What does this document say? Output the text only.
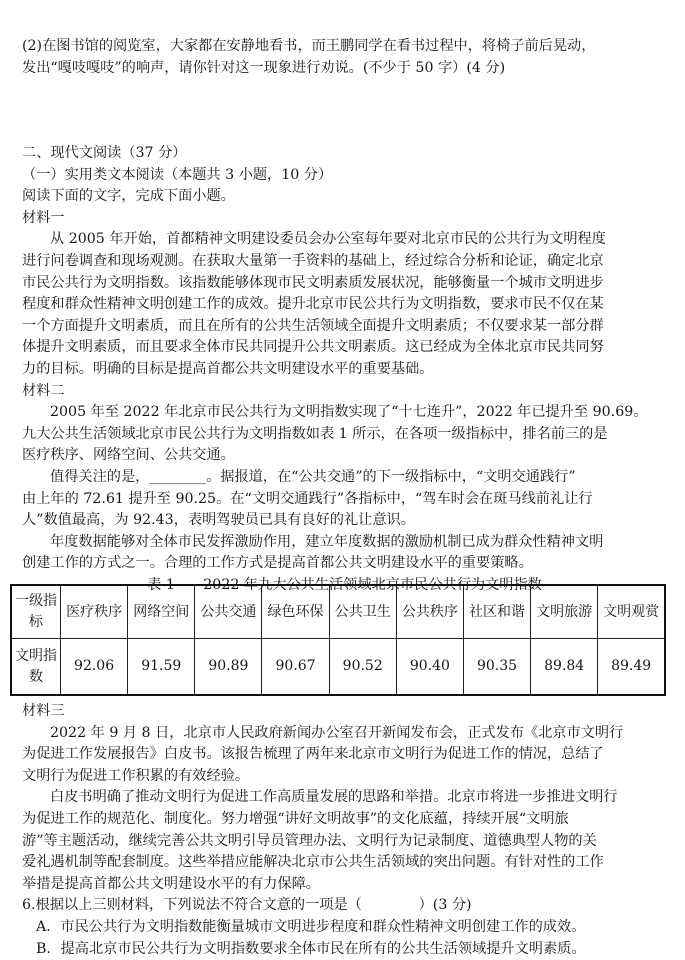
(2)在图书馆的阅览室，大家都在安静地看书，而王鹏同学在看书过程中，将椅子前后晃动，

发出“嘎吱嘎吱”的响声，请你针对这一现象进行劝说。(不少于 50 字）(4 分)

二、现代文阅读（37 分）

（一）实用类文本阅读（本题共 3 小题，10 分）

阅读下面的文字，完成下面小题。

材料一

从 2005 年开始，首都精神文明建设委员会办公室每年要对北京市民的公共行为文明程度

进行问卷调查和现场观测。在获取大量第一手资料的基础上，经过综合分析和论证，确定北京

市民公共行为文明指数。该指数能够体现市民文明素质发展状况，能够衡量一个城市文明进步

程度和群众性精神文明创建工作的成效。提升北京市民公共行为文明指数，要求市民不仅在某

一个方面提升文明素质，而且在所有的公共生活领域全面提升文明素质；不仅要求某一部分群

体提升文明素质，而且要求全体市民共同提升公共文明素质。这已经成为全体北京市民共同努

力的目标。明确的目标是提高首都公共文明建设水平的重要基础。

材料二

2005 年至 2022 年北京市民公共行为文明指数实现了“十七连升”，2022 年已提升至 90.69。

九大公共生活领域北京市民公共行为文明指数如表 1 所示，在各项一级指标中，排名前三的是

医疗秩序、网络空间、公共交通。

值得关注的是，________。据报道，在“公共交通”的下一级指标中，“文明交通践行”

由上年的 72.61 提升至 90.25。在“文明交通践行”各指标中，“驾车时会在斑马线前礼让行

人”数值最高，为 92.43，表明驾驶员已具有良好的礼让意识。

年度数据能够对全体市民发挥激励作用，建立年度数据的激励机制已成为群众性精神文明

创建工作的方式之一。合理的工作方式是提高首都公共文明建设水平的重要策略。

表 1　　2022 年九大公共生活领域北京市民公共行为文明指数

一级指标	医疗秩序	网络空间	公共交通	绿色环保	公共卫生	公共秩序	社区和谐	文明旅游	文明观赏
文明指数	92.06	91.59	90.89	90.67	90.52	90.40	90.35	89.84	89.49

材料三

2022 年 9 月 8 日，北京市人民政府新闻办公室召开新闻发布会，正式发布《北京市文明行

为促进工作发展报告》白皮书。该报告梳理了两年来北京市文明行为促进工作的情况，总结了

文明行为促进工作积累的有效经验。

白皮书明确了推动文明行为促进工作高质量发展的思路和举措。北京市将进一步推进文明行

为促进工作的规范化、制度化。努力增强“讲好文明故事”的文化底蕴，持续开展“文明旅

游”等主题活动，继续完善公共文明引导员管理办法、文明行为记录制度、道德典型人物的关

爱礼遇机制等配套制度。这些举措应能解决北京市公共生活领域的突出问题。有针对性的工作

举措是提高首都公共文明建设水平的有力保障。

6.根据以上三则材料，下列说法不符合文意的一项是（　　　　）(3 分)

A．市民公共行为文明指数能衡量城市文明进步程度和群众性精神文明创建工作的成效。

B．提高北京市民公共行为文明指数要求全体市民在所有的公共生活领域提升文明素质。
